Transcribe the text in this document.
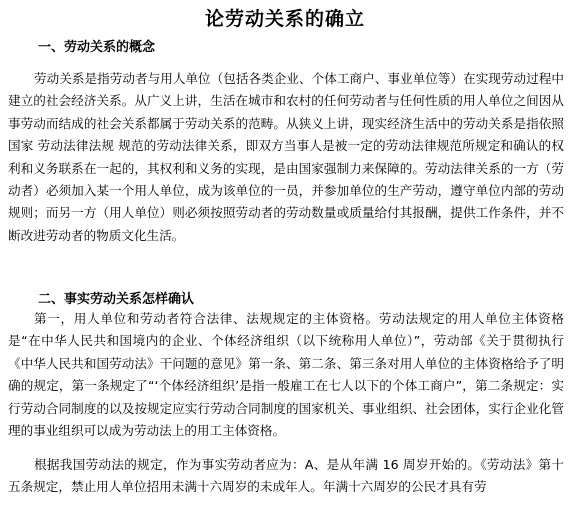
论劳动关系的确立
一、劳动关系的概念

劳动关系是指劳动者与用人单位（包括各类企业、个体工商户、事业单位等）在实现劳动过程中建立的社会经济关系。从广义上讲，生活在城市和农村的任何劳动者与任何性质的用人单位之间因从事劳动而结成的社会关系都属于劳动关系的范畴。从狭义上讲，现实经济生活中的劳动关系是指依照国家 劳动法律法规 规范的劳动法律关系，即双方当事人是被一定的劳动法律规范所规定和确认的权利和义务联系在一起的，其权利和义务的实现，是由国家强制力来保障的。劳动法律关系的一方（劳动者）必须加入某一个用人单位，成为该单位的一员，并参加单位的生产劳动，遵守单位内部的劳动规则；而另一方（用人单位）则必须按照劳动者的劳动数量或质量给付其报酬，提供工作条件，并不断改进劳动者的物质文化生活。

二、事实劳动关系怎样确认

第一，用人单位和劳动者符合法律、法规规定的主体资格。劳动法规定的用人单位主体资格是“在中华人民共和国境内的企业、个体经济组织（以下统称用人单位）”，劳动部《关于贯彻执行《中华人民共和国劳动法》干问题的意见》第一条、第二条、第三条对用人单位的主体资格给予了明确的规定，第一条规定了“‘个体经济组织’是指一般雇工在七人以下的个体工商户”，第二条规定：实行劳动合同制度的以及按规定应实行劳动合同制度的国家机关、事业组织、社会团体，实行企业化管理的事业组织可以成为劳动法上的用工主体资格。

根据我国劳动法的规定，作为事实劳动者应为：A、是从年满 16 周岁开始的。《劳动法》第十五条规定，禁止用人单位招用未满十六周岁的未成年人。年满十六周岁的公民才具有劳
